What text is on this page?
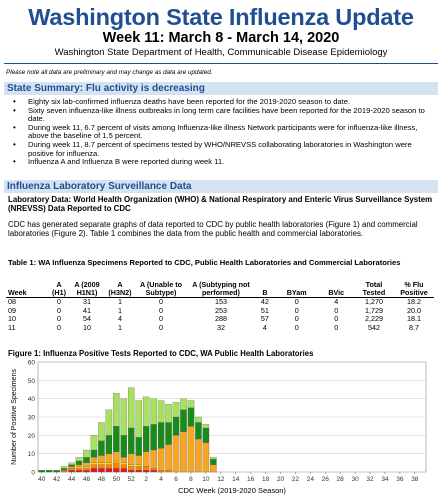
Washington State Influenza Update
Week 11: March 8 - March 14, 2020
Washington State Department of Health, Communicable Disease Epidemiology
Please note all data are preliminary and may change as data are updated.
State Summary: Flu activity is decreasing
• Eighty six lab-confirmed influenza deaths have been reported for the 2019-2020 season to date.
• Sixty seven influenza-like illness outbreaks in long term care facilities have been reported for the 2019-2020 season to date.
• During week 11, 6.7 percent of visits among Influenza-like illness Network participants were for influenza-like illness, above the baseline of 1.5 percent.
• During week 11, 8.7 percent of specimens tested by WHO/NREVSS collaborating laboratories in Washington were positive for influenza.
• Influenza A and Influenza B were reported during week 11.
Influenza Laboratory Surveillance Data
Laboratory Data: World Health Organization (WHO) & National Respiratory and Enteric Virus Surveillance System (NREVSS) Data Reported to CDC
CDC has generated separate graphs of data reported to CDC by public health laboratories (Figure 1) and commercial laboratories (Figure 2). Table 1 combines the data from the public health and commercial laboratories.
Table 1: WA Influenza Specimens Reported to CDC, Public Health Laboratories and Commercial Laboratories
Week	A (H1)	A (2009 H1N1)	A (H3N2)	A (Unable to Subtype)	A (Subtyping not performed)	B	BYam	BVic	Total Tested	% Flu Positive
08	0	31	1	0	153	42	0	4	1,270	18.2
09	0	41	1	0	253	51	0	0	1,729	20.0
10	0	54	4	0	288	57	0	0	2,229	18.1
11	0	10	1	0	32	4	0	0	542	8.7
Figure 1: Influenza Positive Tests Reported to CDC, WA Public Health Laboratories
0
10
20
30
40
50
60
40 42 44 46 48 50 52 2 4 6 8 10 12 14 16 18 20 22 24 26 28 30 32 34 36 38
Number of Positive Specimens
CDC Week (2019-2020 Season)
